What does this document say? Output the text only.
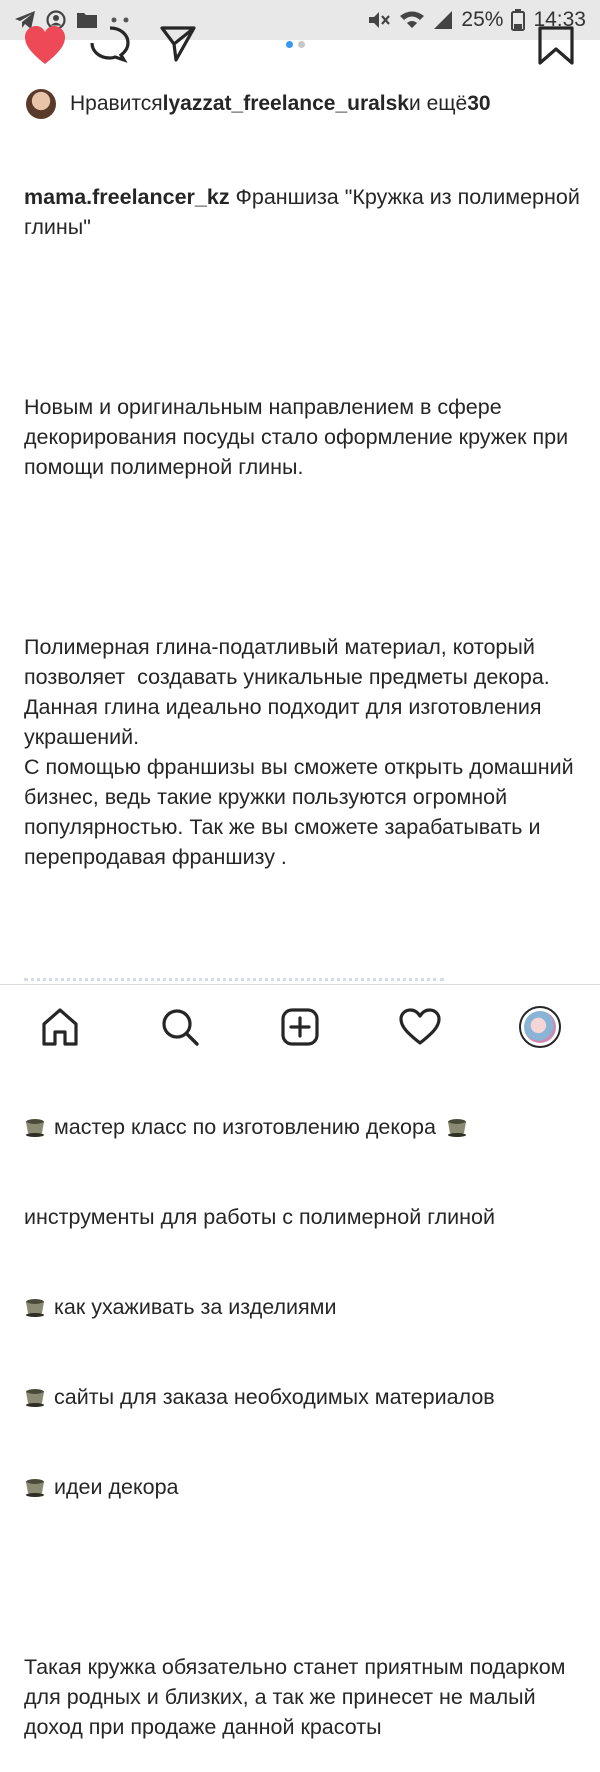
25% 14:33
Нравится lyazzat_freelance_uralsk и ещё 30

mama.freelancer_kz Франшиза "Кружка из полимерной глины"

Новым и оригинальным направлением в сфере декорирования посуды стало оформление кружек при помощи полимерной глины.

Полимерная глина-податливый материал, который позволяет  создавать уникальные предметы декора. Данная глина идеально подходит для изготовления украшений.
С помощью франшизы вы сможете открыть домашний бизнес, ведь такие кружки пользуются огромной популярностью. Так же вы сможете зарабатывать и перепродавая франшизу .

мастер класс по изготовлению декора

инструменты для работы с полимерной глиной

как ухаживать за изделиями

сайты для заказа необходимых материалов

идеи декора

Такая кружка обязательно станет приятным подарком для родных и близких, а так же принесет не малый доход при продаже данной красоты
